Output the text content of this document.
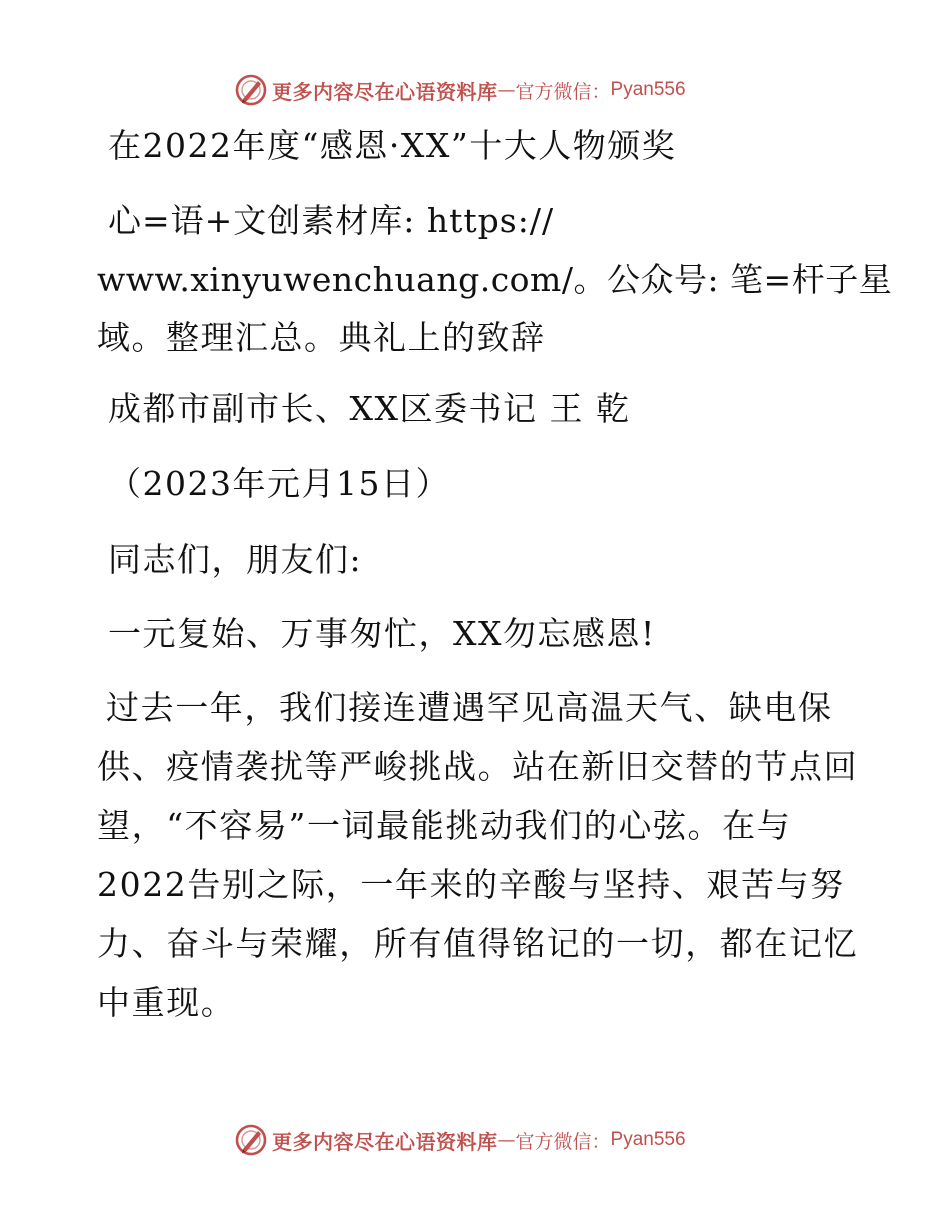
更多内容尽在心语资料库 — 官方微信： Pyan556
在2022年度“感恩·XX”十大人物颁奖
心=语+文创素材库: https://
www.xinyuwenchuang.com/。公众号: 笔=杆子星
域。整理汇总。典礼上的致辞
成都市副市长、XX区委书记 王 乾
（2023年元月15日）
同志们，朋友们:
一元复始、万事匆忙，XX勿忘感恩!
过去一年，我们接连遭遇罕见高温天气、缺电保
供、疫情袭扰等严峻挑战。站在新旧交替的节点回
望，“不容易”一词最能挑动我们的心弦。在与
2022告别之际，一年来的辛酸与坚持、艰苦与努
力、奋斗与荣耀，所有值得铭记的一切，都在记忆
中重现。
更多内容尽在心语资料库 — 官方微信： Pyan556
